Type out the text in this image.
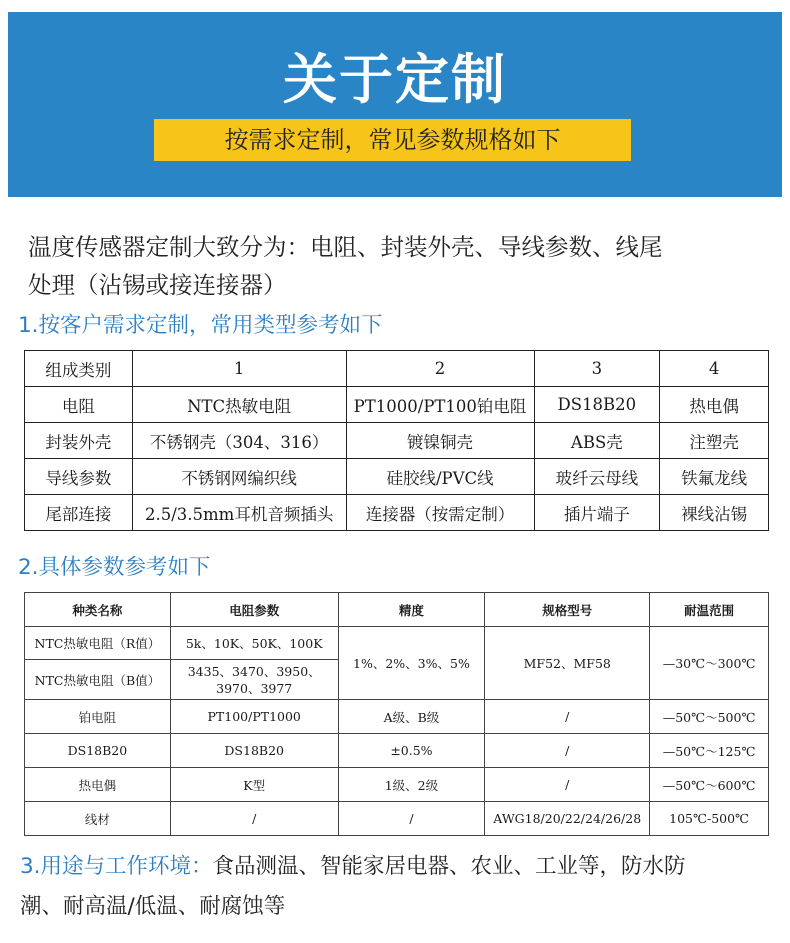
关于定制
按需求定制，常见参数规格如下
温度传感器定制大致分为：电阻、封装外壳、导线参数、线尾
处理（沾锡或接连接器）
1.按客户需求定制，常用类型参考如下
组成类别	1	2	3	4
电阻	NTC热敏电阻	PT1000/PT100铂电阻	DS18B20	热电偶
封装外壳	不锈钢壳（304、316）	镀镍铜壳	ABS壳	注塑壳
导线参数	不锈钢网编织线	硅胶线/PVC线	玻纤云母线	铁氟龙线
尾部连接	2.5/3.5mm耳机音频插头	连接器（按需定制）	插片端子	裸线沾锡
2.具体参数参考如下
种类名称	电阻参数	精度	规格型号	耐温范围
NTC热敏电阻（R值）	5k、10K、50K、100K	1%、2%、3%、5%	MF52、MF58	—30℃～300℃
NTC热敏电阻（B值）	3435、3470、3950、3970、3977			
铂电阻	PT100/PT1000	A级、B级	/	—50℃～500℃
DS18B20	DS18B20	±0.5%	/	—50℃～125℃
热电偶	K型	1级、2级	/	—50℃～600℃
线材	/	/	AWG18/20/22/24/26/28	105℃-500℃
3.用途与工作环境：食品测温、智能家居电器、农业、工业等，防水防
潮、耐高温/低温、耐腐蚀等
